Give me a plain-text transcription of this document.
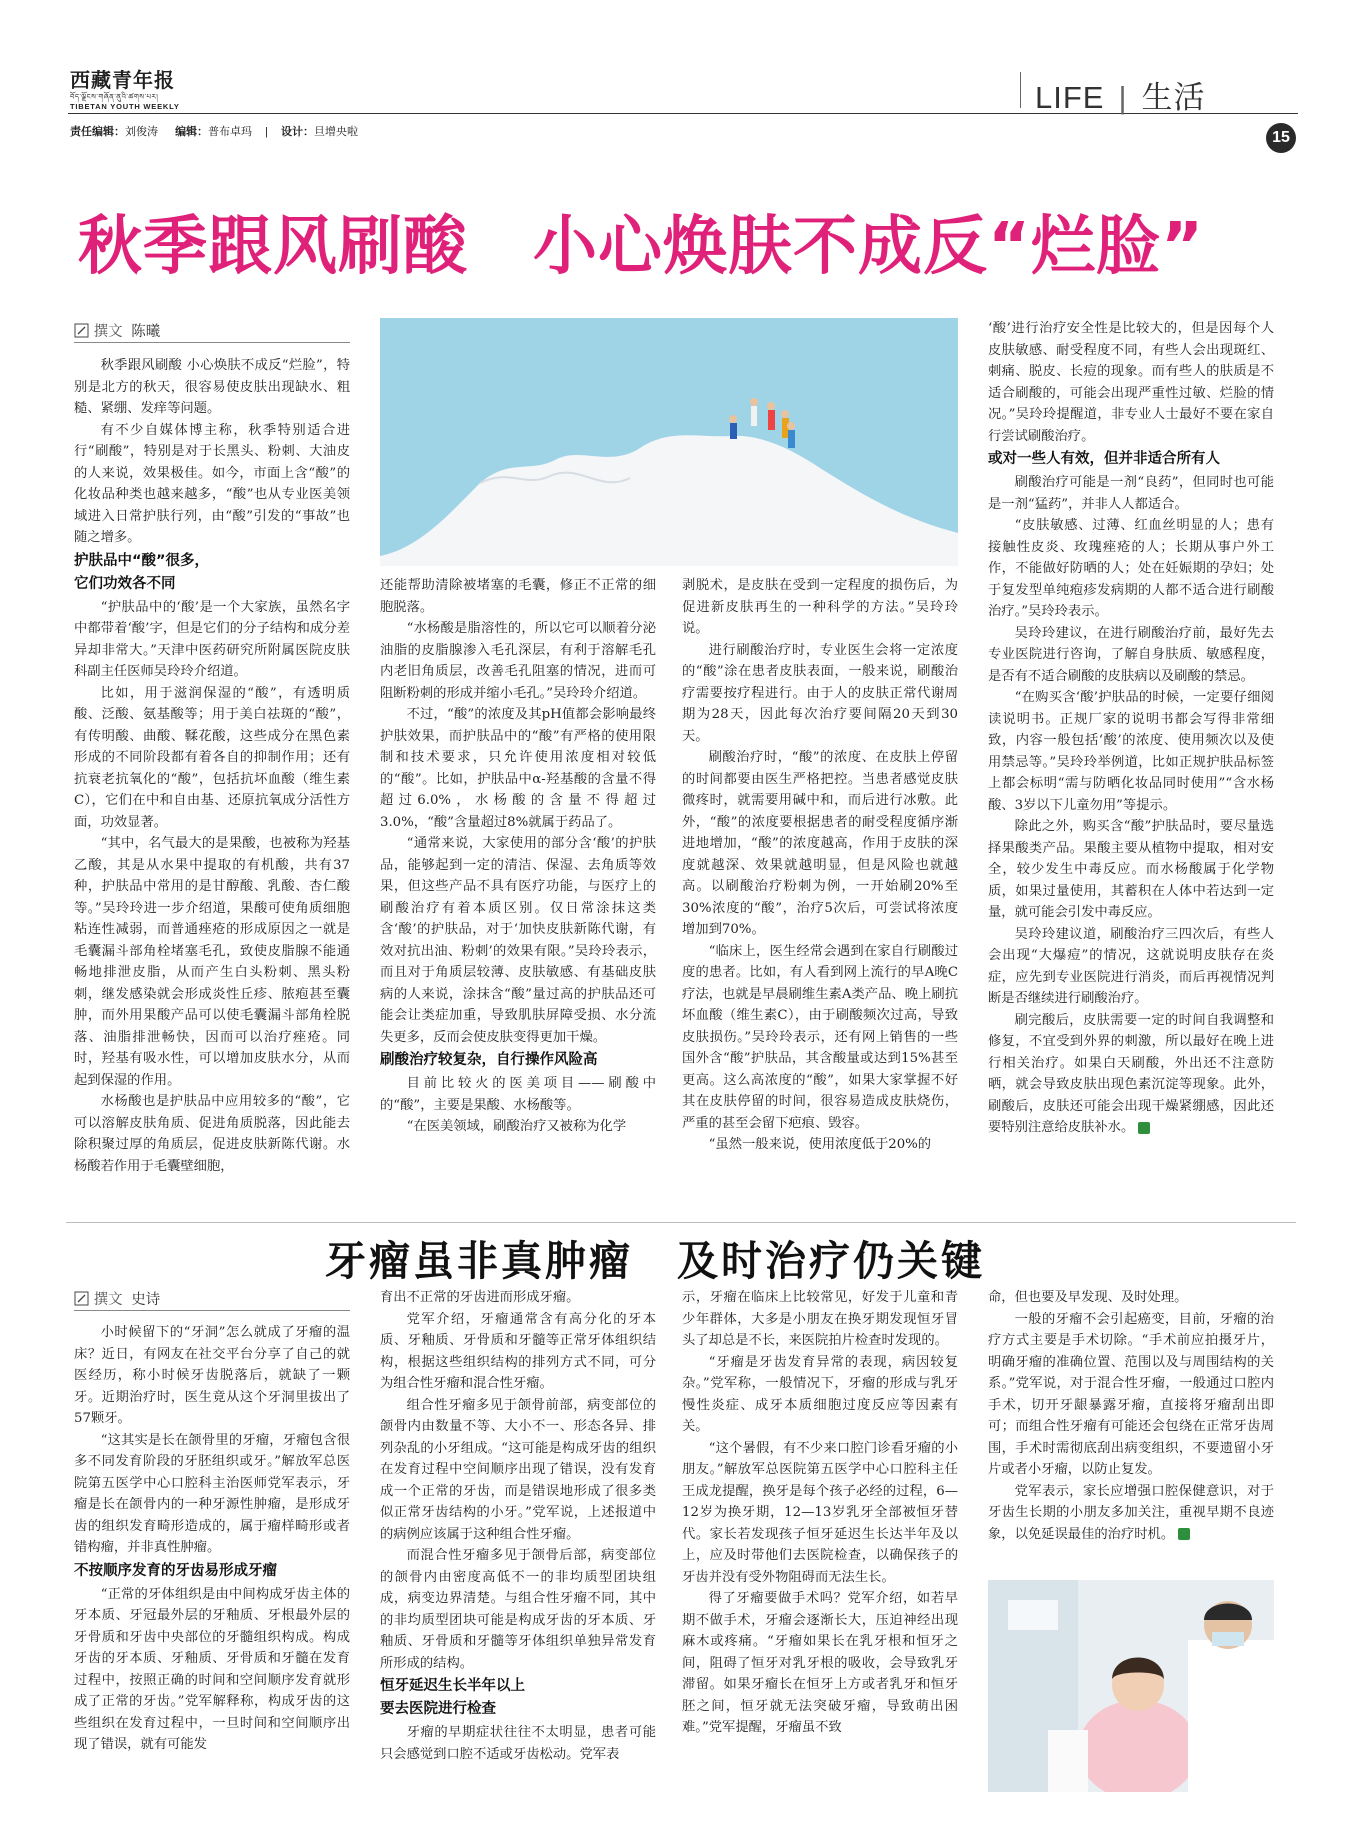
西藏青年报
བོད་ལྗོངས་གཞོན་ནུའི་ཚགས་པར།
TIBETAN YOUTH WEEKLY
责任编辑：刘俊涛 编辑：普布卓玛 | 设计：旦增央啦
LIFE | 生活
15
秋季跟风刷酸　小心焕肤不成反“烂脸”
撰文 陈曦

秋季跟风刷酸 小心焕肤不成反“烂脸”，特别是北方的秋天，很容易使皮肤出现缺水、粗糙、紧绷、发痒等问题。

有不少自媒体博主称，秋季特别适合进行“刷酸”，特别是对于长黑头、粉刺、大油皮的人来说，效果极佳。如今，市面上含“酸”的化妆品种类也越来越多，“酸”也从专业医美领域进入日常护肤行列，由“酸”引发的“事故”也随之增多。

护肤品中“酸”很多，
它们功效各不同

“护肤品中的‘酸’是一个大家族，虽然名字中都带着‘酸’字，但是它们的分子结构和成分差异却非常大。”天津中医药研究所附属医院皮肤科副主任医师吴玲玲介绍道。

比如，用于滋润保湿的“酸”，有透明质酸、泛酸、氨基酸等；用于美白祛斑的“酸”，有传明酸、曲酸、鞣花酸，这些成分在黑色素形成的不同阶段都有着各自的抑制作用；还有抗衰老抗氧化的“酸”，包括抗坏血酸（维生素C），它们在中和自由基、还原抗氧成分活性方面，功效显著。

“其中，名气最大的是果酸，也被称为羟基乙酸，其是从水果中提取的有机酸，共有37种，护肤品中常用的是甘醇酸、乳酸、杏仁酸等。”吴玲玲进一步介绍道，果酸可使角质细胞粘连性减弱，而普通痤疮的形成原因之一就是毛囊漏斗部角栓堵塞毛孔，致使皮脂腺不能通畅地排泄皮脂，从而产生白头粉刺、黑头粉刺，继发感染就会形成炎性丘疹、脓疱甚至囊肿，而外用果酸产品可以使毛囊漏斗部角栓脱落、油脂排泄畅快，因而可以治疗痤疮。同时，羟基有吸水性，可以增加皮肤水分，从而起到保湿的作用。

水杨酸也是护肤品中应用较多的“酸”，它可以溶解皮肤角质、促进角质脱落，因此能去除积聚过厚的角质层，促进皮肤新陈代谢。水杨酸若作用于毛囊壁细胞，

还能帮助清除被堵塞的毛囊，修正不正常的细胞脱落。

“水杨酸是脂溶性的，所以它可以顺着分泌油脂的皮脂腺渗入毛孔深层，有利于溶解毛孔内老旧角质层，改善毛孔阻塞的情况，进而可阻断粉刺的形成并缩小毛孔。”吴玲玲介绍道。

不过，“酸”的浓度及其pH值都会影响最终护肤效果，而护肤品中的“酸”有严格的使用限制和技术要求，只允许使用浓度相对较低的“酸”。比如，护肤品中α-羟基酸的含量不得超过6.0%，水杨酸的含量不得超过3.0%，“酸”含量超过8%就属于药品了。

“通常来说，大家使用的部分含‘酸’的护肤品，能够起到一定的清洁、保湿、去角质等效果，但这些产品不具有医疗功能，与医疗上的刷酸治疗有着本质区别。仅日常涂抹这类含‘酸’的护肤品，对于‘加快皮肤新陈代谢，有效对抗出油、粉刺’的效果有限。”吴玲玲表示，而且对于角质层较薄、皮肤敏感、有基础皮肤病的人来说，涂抹含“酸”量过高的护肤品还可能会让类症加重，导致肌肤屏障受损、水分流失更多，反而会使皮肤变得更加干燥。

刷酸治疗较复杂，自行操作风险高

目前比较火的医美项目——刷酸中的“酸”，主要是果酸、水杨酸等。

“在医美领域，刷酸治疗又被称为化学

剥脱术，是皮肤在受到一定程度的损伤后，为促进新皮肤再生的一种科学的方法。”吴玲玲说。

进行刷酸治疗时，专业医生会将一定浓度的“酸”涂在患者皮肤表面，一般来说，刷酸治疗需要按疗程进行。由于人的皮肤正常代谢周期为28天，因此每次治疗要间隔20天到30天。

刷酸治疗时，“酸”的浓度、在皮肤上停留的时间都要由医生严格把控。当患者感觉皮肤微疼时，就需要用碱中和，而后进行冰敷。此外，“酸”的浓度要根据患者的耐受程度循序渐进地增加，“酸”的浓度越高，作用于皮肤的深度就越深、效果就越明显，但是风险也就越高。以刷酸治疗粉刺为例，一开始刷20%至30%浓度的“酸”，治疗5次后，可尝试将浓度增加到70%。

“临床上，医生经常会遇到在家自行刷酸过度的患者。比如，有人看到网上流行的早A晚C疗法，也就是早晨刷维生素A类产品、晚上刷抗坏血酸（维生素C），由于刷酸频次过高，导致皮肤损伤。”吴玲玲表示，还有网上销售的一些国外含“酸”护肤品，其含酸量或达到15%甚至更高。这么高浓度的“酸”，如果大家掌握不好其在皮肤停留的时间，很容易造成皮肤烧伤，严重的甚至会留下疤痕、毁容。

“虽然一般来说，使用浓度低于20%的

‘酸’进行治疗安全性是比较大的，但是因每个人皮肤敏感、耐受程度不同，有些人会出现斑红、刺痛、脱皮、长痘的现象。而有些人的肤质是不适合刷酸的，可能会出现严重性过敏、烂脸的情况。”吴玲玲提醒道，非专业人士最好不要在家自行尝试刷酸治疗。

或对一些人有效，但并非适合所有人

刷酸治疗可能是一剂“良药”，但同时也可能是一剂“猛药”，并非人人都适合。

“皮肤敏感、过薄、红血丝明显的人；患有接触性皮炎、玫瑰痤疮的人；长期从事户外工作，不能做好防晒的人；处在妊娠期的孕妇；处于复发型单纯疱疹发病期的人都不适合进行刷酸治疗。”吴玲玲表示。

吴玲玲建议，在进行刷酸治疗前，最好先去专业医院进行咨询，了解自身肤质、敏感程度，是否有不适合刷酸的皮肤病以及刷酸的禁忌。

“在购买含‘酸’护肤品的时候，一定要仔细阅读说明书。正规厂家的说明书都会写得非常细致，内容一般包括‘酸’的浓度、使用频次以及使用禁忌等。”吴玲玲举例道，比如正规护肤品标签上都会标明“需与防晒化妆品同时使用”“含水杨酸、3岁以下儿童勿用”等提示。

除此之外，购买含“酸”护肤品时，要尽量选择果酸类产品。果酸主要从植物中提取，相对安全，较少发生中毒反应。而水杨酸属于化学物质，如果过量使用，其蓄积在人体中若达到一定量，就可能会引发中毒反应。

吴玲玲建议道，刷酸治疗三四次后，有些人会出现“大爆痘”的情况，这就说明皮肤存在炎症，应先到专业医院进行消炎，而后再视情况判断是否继续进行刷酸治疗。

刷完酸后，皮肤需要一定的时间自我调整和修复，不宜受到外界的刺激，所以最好在晚上进行相关治疗。如果白天刷酸，外出还不注意防晒，就会导致皮肤出现色素沉淀等现象。此外，刷酸后，皮肤还可能会出现干燥紧绷感，因此还要特别注意给皮肤补水。	青

牙瘤虽非真肿瘤　及时治疗仍关键
撰文 史诗

小时候留下的“牙洞”怎么就成了牙瘤的温床？近日，有网友在社交平台分享了自己的就医经历，称小时候牙齿脱落后，就缺了一颗牙。近期治疗时，医生竟从这个牙洞里拔出了57颗牙。

“这其实是长在颌骨里的牙瘤，牙瘤包含很多不同发育阶段的牙胚组织或牙。”解放军总医院第五医学中心口腔科主治医师党军表示，牙瘤是长在颌骨内的一种牙源性肿瘤，是形成牙齿的组织发育畸形造成的，属于瘤样畸形或者错构瘤，并非真性肿瘤。

不按顺序发育的牙齿易形成牙瘤

“正常的牙体组织是由中间构成牙齿主体的牙本质、牙冠最外层的牙釉质、牙根最外层的牙骨质和牙齿中央部位的牙髓组织构成。构成牙齿的牙本质、牙釉质、牙骨质和牙髓在发育过程中，按照正确的时间和空间顺序发育就形成了正常的牙齿。”党军解释称，构成牙齿的这些组织在发育过程中，一旦时间和空间顺序出现了错误，就有可能发

育出不正常的牙齿进而形成牙瘤。

党军介绍，牙瘤通常含有高分化的牙本质、牙釉质、牙骨质和牙髓等正常牙体组织结构，根据这些组织结构的排列方式不同，可分为组合性牙瘤和混合性牙瘤。

组合性牙瘤多见于颌骨前部，病变部位的颌骨内由数量不等、大小不一、形态各异、排列杂乱的小牙组成。“这可能是构成牙齿的组织在发育过程中空间顺序出现了错误，没有发育成一个正常的牙齿，而是错误地形成了很多类似正常牙齿结构的小牙。”党军说，上述报道中的病例应该属于这种组合性牙瘤。

而混合性牙瘤多见于颌骨后部，病变部位的颌骨内由密度高低不一的非均质型团块组成，病变边界清楚。与组合性牙瘤不同，其中的非均质型团块可能是构成牙齿的牙本质、牙釉质、牙骨质和牙髓等牙体组织单独异常发育所形成的结构。

恒牙延迟生长半年以上
要去医院进行检查

牙瘤的早期症状往往不太明显，患者可能只会感觉到口腔不适或牙齿松动。党军表

示，牙瘤在临床上比较常见，好发于儿童和青少年群体，大多是小朋友在换牙期发现恒牙冒头了却总是不长，来医院拍片检查时发现的。

“牙瘤是牙齿发育异常的表现，病因较复杂。”党军称，一般情况下，牙瘤的形成与乳牙慢性炎症、成牙本质细胞过度反应等因素有关。

“这个暑假，有不少来口腔门诊看牙瘤的小朋友。”解放军总医院第五医学中心口腔科主任王成龙提醒，换牙是每个孩子必经的过程，6—12岁为换牙期，12—13岁乳牙全部被恒牙替代。家长若发现孩子恒牙延迟生长达半年及以上，应及时带他们去医院检查，以确保孩子的牙齿并没有受外物阻碍而无法生长。

得了牙瘤要做手术吗？党军介绍，如若早期不做手术，牙瘤会逐渐长大，压迫神经出现麻木或疼痛。“牙瘤如果长在乳牙根和恒牙之间，阻碍了恒牙对乳牙根的吸收，会导致乳牙滞留。如果牙瘤长在恒牙上方或者乳牙和恒牙胚之间，恒牙就无法突破牙瘤，导致萌出困难。”党军提醒，牙瘤虽不致

命，但也要及早发现、及时处理。

一般的牙瘤不会引起癌变，目前，牙瘤的治疗方式主要是手术切除。“手术前应拍摄牙片，明确牙瘤的准确位置、范围以及与周围结构的关系。”党军说，对于混合性牙瘤，一般通过口腔内手术，切开牙龈暴露牙瘤，直接将牙瘤刮出即可；而组合性牙瘤有可能还会包绕在正常牙齿周围，手术时需彻底刮出病变组织，不要遗留小牙片或者小牙瘤，以防止复发。

党军表示，家长应增强口腔保健意识，对于牙齿生长期的小朋友多加关注，重视早期不良迹象，以免延误最佳的治疗时机。	青
